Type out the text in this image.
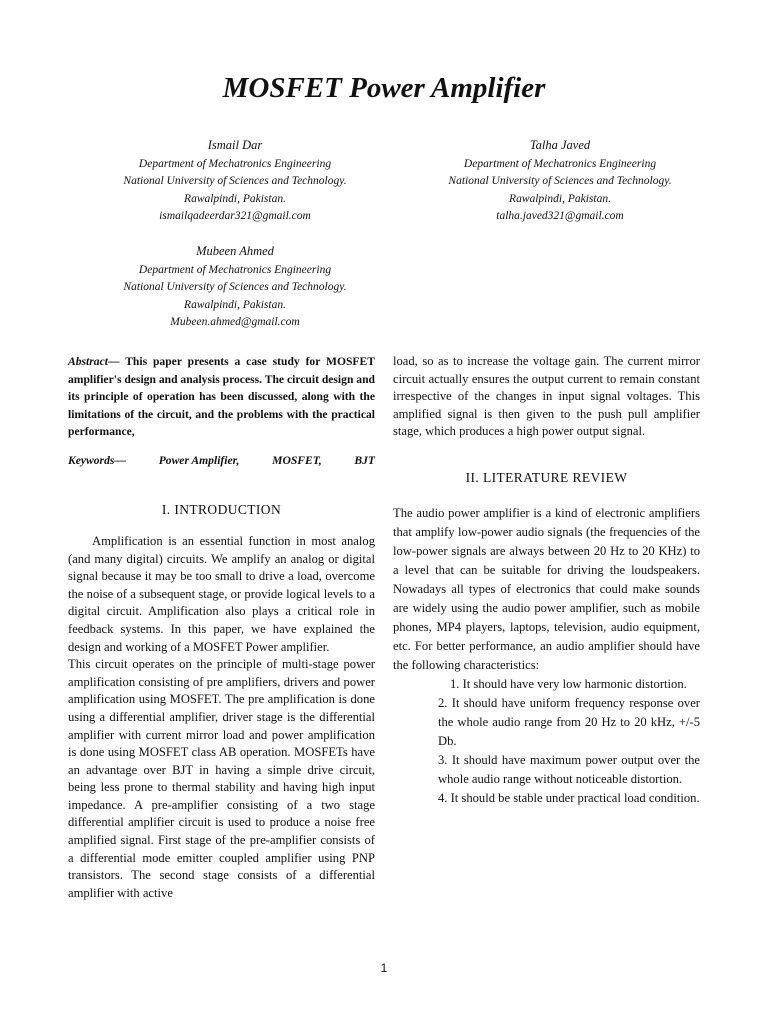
MOSFET Power Amplifier
Ismail Dar
Department of Mechatronics Engineering
National University of Sciences and Technology.
Rawalpindi, Pakistan.
ismailqadeerdar321@gmail.com
Talha Javed
Department of Mechatronics Engineering
National University of Sciences and Technology.
Rawalpindi, Pakistan.
talha.javed321@gmail.com
Mubeen Ahmed
Department of Mechatronics Engineering
National University of Sciences and Technology.
Rawalpindi, Pakistan.
Mubeen.ahmed@gmail.com
Abstract— This paper presents a case study for MOSFET amplifier's design and analysis process. The circuit design and its principle of operation has been discussed, along with the limitations of the circuit, and the problems with the practical performance,
Keywords—	Power Amplifier,	MOSFET,	BJT
I. INTRODUCTION

Amplification is an essential function in most analog (and many digital) circuits. We amplify an analog or digital signal because it may be too small to drive a load, overcome the noise of a subsequent stage, or provide logical levels to a digital circuit. Amplification also plays a critical role in feedback systems. In this paper, we have explained the design and working of a MOSFET Power amplifier.

This circuit operates on the principle of multi-stage power amplification consisting of pre amplifiers, drivers and power amplification using MOSFET. The pre amplification is done using a differential amplifier, driver stage is the differential amplifier with current mirror load and power amplification is done using MOSFET class AB operation. MOSFETs have an advantage over BJT in having a simple drive circuit, being less prone to thermal stability and having high input impedance. A pre-amplifier consisting of a two stage differential amplifier circuit is used to produce a noise free amplified signal. First stage of the pre-amplifier consists of a differential mode emitter coupled amplifier using PNP transistors. The second stage consists of a differential amplifier with active

load, so as to increase the voltage gain. The current mirror circuit actually ensures the output current to remain constant irrespective of the changes in input signal voltages. This amplified signal is then given to the push pull amplifier stage, which produces a high power output signal.

II. LITERATURE REVIEW

The audio power amplifier is a kind of electronic amplifiers that amplify low-power audio signals (the frequencies of the low-power signals are always between 20 Hz to 20 KHz) to a level that can be suitable for driving the loudspeakers. Nowadays all types of electronics that could make sounds are widely using the audio power amplifier, such as mobile phones, MP4 players, laptops, television, audio equipment, etc. For better performance, an audio amplifier should have the following characteristics:

1. It should have very low harmonic distortion.

2. It should have uniform frequency response over the whole audio range from 20 Hz to 20 kHz, +/-5 Db.

3. It should have maximum power output over the whole audio range without noticeable distortion.

4. It should be stable under practical load condition.

1
